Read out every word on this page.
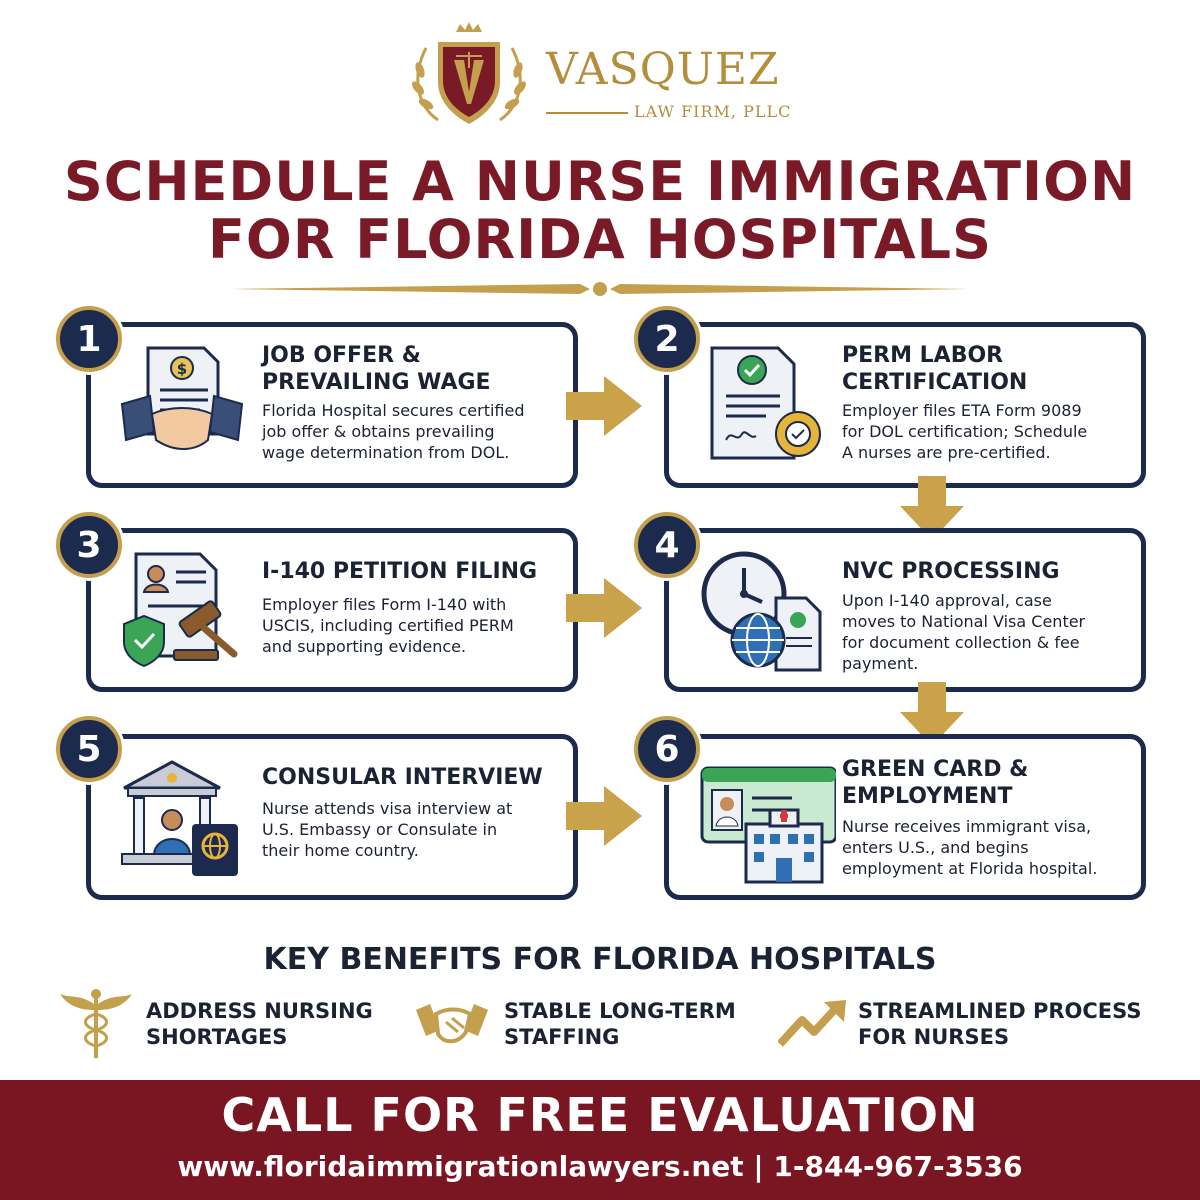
VASQUEZ
LAW FIRM, PLLC
SCHEDULE A NURSE IMMIGRATION
FOR FLORIDA HOSPITALS
1
$
JOB OFFER &
PREVAILING WAGE
Florida Hospital secures certified
job offer & obtains prevailing
wage determination from DOL.
2	PERM LABOR
CERTIFICATION
Employer files ETA Form 9089
for DOL certification; Schedule
A nurses are pre-certified.
3
I-140 PETITION FILING
Employer files Form I-140 with
USCIS, including certified PERM
and supporting evidence.
4
NVC PROCESSING
Upon I-140 approval, case
moves to National Visa Center
for document collection & fee
payment.
5
CONSULAR INTERVIEW
Nurse attends visa interview at
U.S. Embassy or Consulate in
their home country.
6	GREEN CARD &
EMPLOYMENT
Nurse receives immigrant visa,
enters U.S., and begins
employment at Florida hospital.
KEY BENEFITS FOR FLORIDA HOSPITALS
ADDRESS NURSING
SHORTAGES
STABLE LONG-TERM
STAFFING
STREAMLINED PROCESS
FOR NURSES
CALL FOR FREE EVALUATION
www.floridaimmigrationlawyers.net | 1-844-967-3536
